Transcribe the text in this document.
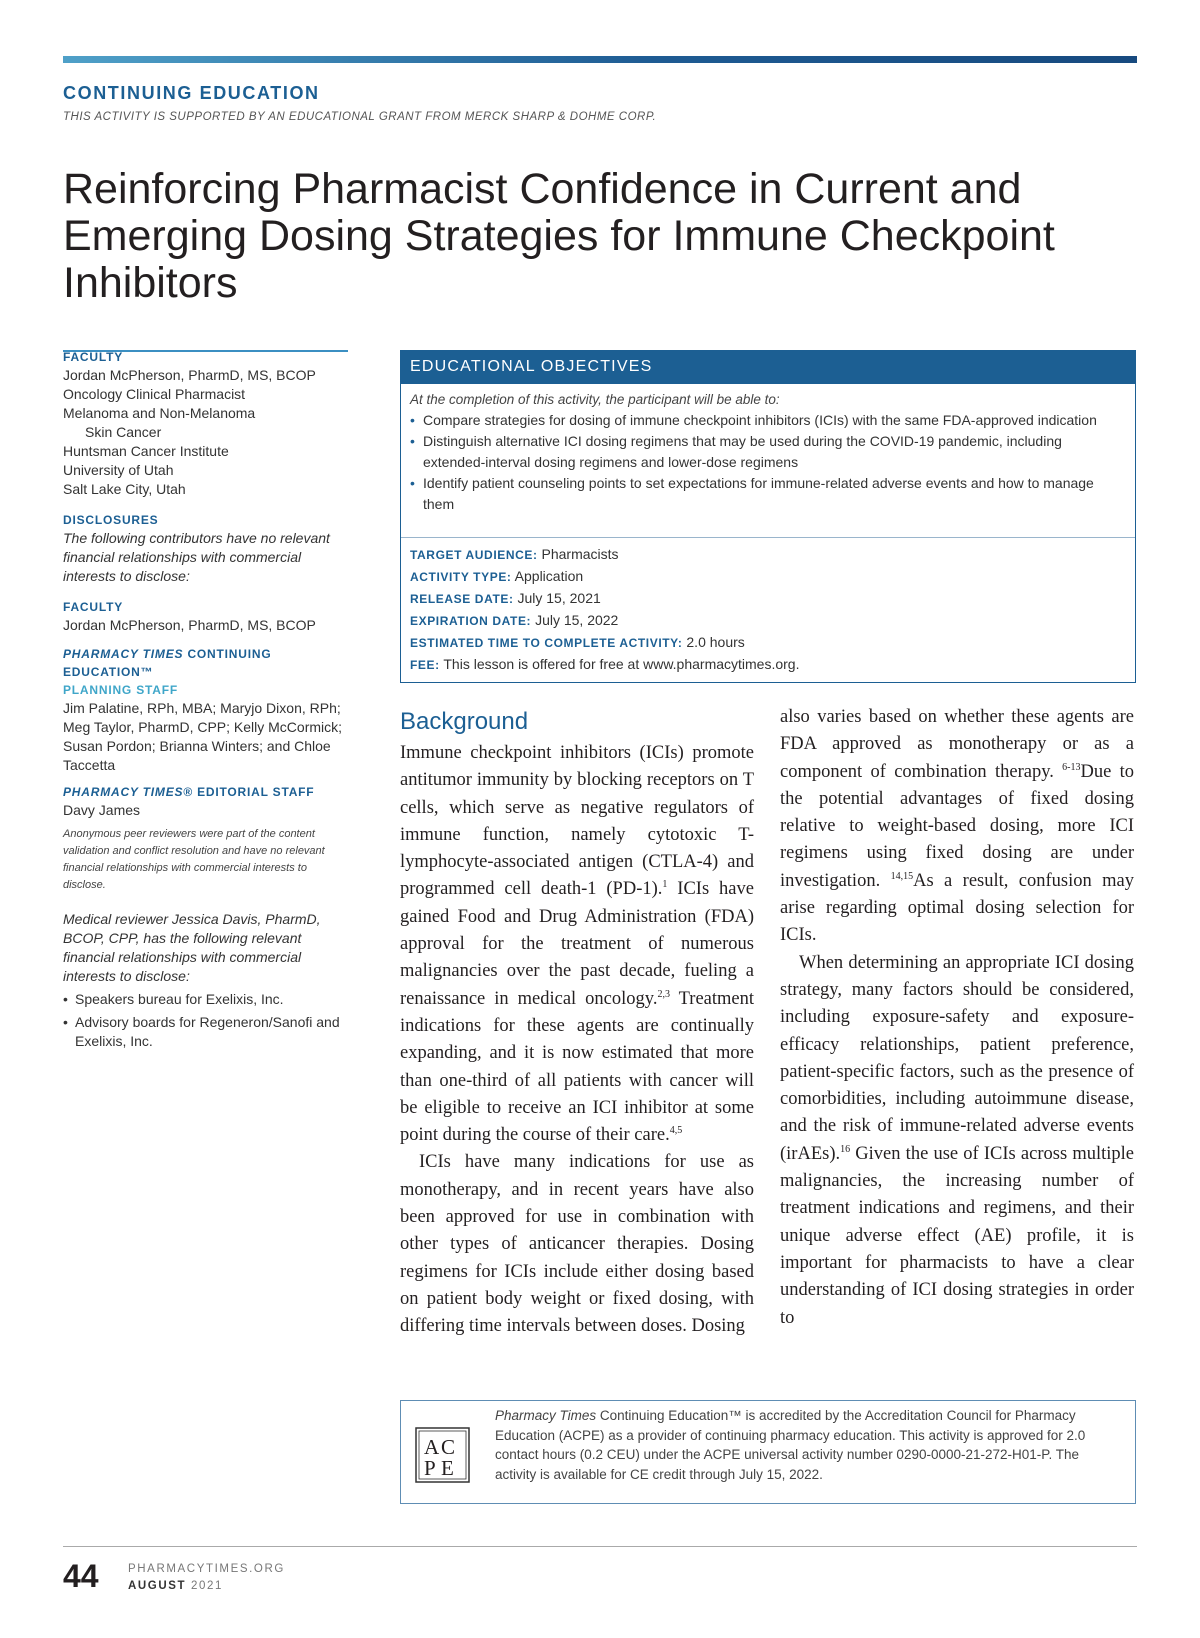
CONTINUING EDUCATION
THIS ACTIVITY IS SUPPORTED BY AN EDUCATIONAL GRANT FROM MERCK SHARP & DOHME CORP.
Reinforcing Pharmacist Confidence in Current and Emerging Dosing Strategies for Immune Checkpoint Inhibitors
FACULTY
Jordan McPherson, PharmD, MS, BCOP
Oncology Clinical Pharmacist
Melanoma and Non-Melanoma
Skin Cancer
Huntsman Cancer Institute
University of Utah
Salt Lake City, Utah
DISCLOSURES
The following contributors have no relevant financial relationships with commercial interests to disclose:
FACULTY
Jordan McPherson, PharmD, MS, BCOP
PHARMACY TIMES CONTINUING
EDUCATION™
PLANNING STAFF
Jim Palatine, RPh, MBA; Maryjo Dixon, RPh; Meg Taylor, PharmD, CPP; Kelly McCormick; Susan Pordon; Brianna Winters; and Chloe Taccetta
PHARMACY TIMES® EDITORIAL STAFF
Davy James
Anonymous peer reviewers were part of the content validation and conflict resolution and have no relevant financial relationships with commercial interests to disclose.
Medical reviewer Jessica Davis, PharmD, BCOP, CPP, has the following relevant financial relationships with commercial interests to disclose:
• Speakers bureau for Exelixis, Inc.
• Advisory boards for Regeneron/Sanofi and Exelixis, Inc.
EDUCATIONAL OBJECTIVES
At the completion of this activity, the participant will be able to:
• Compare strategies for dosing of immune checkpoint inhibitors (ICIs) with the same FDA-approved indication
• Distinguish alternative ICI dosing regimens that may be used during the COVID-19 pandemic, including extended-interval dosing regimens and lower-dose regimens
• Identify patient counseling points to set expectations for immune-related adverse events and how to manage them
TARGET AUDIENCE: Pharmacists
ACTIVITY TYPE: Application
RELEASE DATE: July 15, 2021
EXPIRATION DATE: July 15, 2022
ESTIMATED TIME TO COMPLETE ACTIVITY: 2.0 hours
FEE: This lesson is offered for free at www.pharmacytimes.org.
Background

Immune checkpoint inhibitors (ICIs) promote antitumor immunity by blocking receptors on T cells, which serve as negative regulators of immune function, namely cytotoxic T-lymphocyte-associated antigen (CTLA-4) and programmed cell death-1 (PD-1).$^1$ ICIs have gained Food and Drug Administration (FDA) approval for the treatment of numerous malignancies over the past decade, fueling a renaissance in medical oncology.$^{2,3}$ Treatment indications for these agents are continually expanding, and it is now estimated that more than one-third of all patients with cancer will be eligible to receive an ICI inhibitor at some point during the course of their care.$^{4,5}$

ICIs have many indications for use as monotherapy, and in recent years have also been approved for use in combination with other types of anticancer therapies. Dosing regimens for ICIs include either dosing based on patient body weight or fixed dosing, with differing time intervals between doses. Dosing

A C
P E
Pharmacy Times Continuing Education™ is accredited by the Accreditation Council for Pharmacy Education (ACPE) as a provider of continuing pharmacy education. This activity is approved for 2.0 contact hours (0.2 CEU) under the ACPE universal activity number 0290-0000-21-272-H01-P. The activity is available for CE credit through July 15, 2022.
44	PHARMACYTIMES.ORG
AUGUST 2021

also varies based on whether these agents are FDA approved as monotherapy or as a component of combination therapy. $^{6-13}$Due to the potential advantages of fixed dosing relative to weight-based dosing, more ICI regimens using fixed dosing are under investigation. $^{14,15}$As a result, confusion may arise regarding optimal dosing selection for ICIs.

When determining an appropriate ICI dosing strategy, many factors should be considered, including exposure-safety and exposure-efficacy relationships, patient preference, patient-specific factors, such as the presence of comorbidities, including autoimmune disease, and the risk of immune-related adverse events (irAEs).$^{16}$ Given the use of ICIs across multiple malignancies, the increasing number of treatment indications and regimens, and their unique adverse effect (AE) profile, it is important for pharmacists to have a clear understanding of ICI dosing strategies in order to
